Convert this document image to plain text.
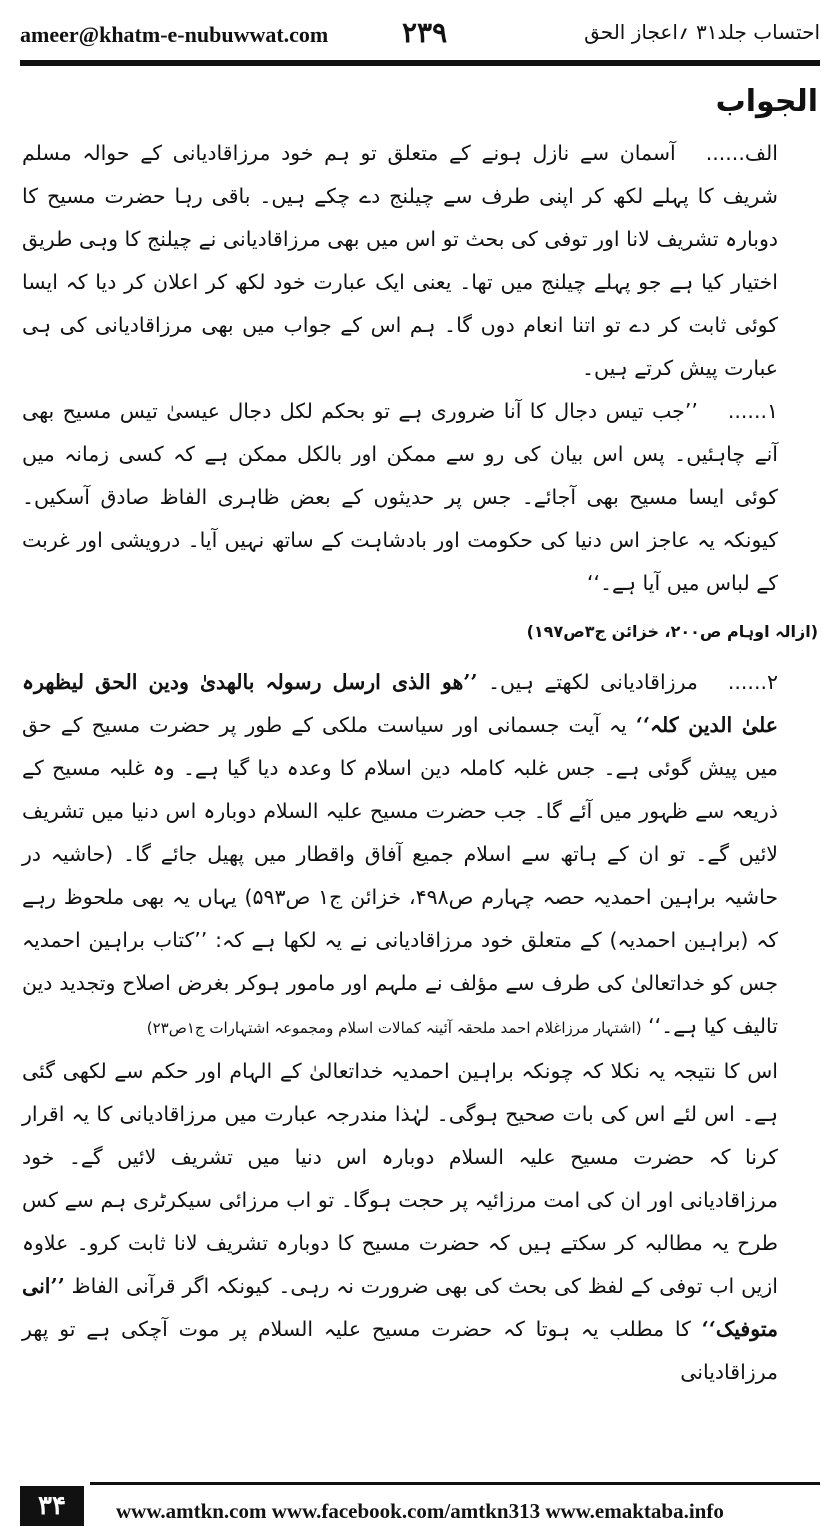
ameer@khatm-e-nubuwwat.com	۲۳۹	احتساب جلد۳۱ ؍اعجاز الحق
الجواب

الف......آسمان سے نازل ہونے کے متعلق تو ہم خود مرزاقادیانی کے حوالہ مسلم شریف کا پہلے لکھ کر اپنی طرف سے چیلنج دے چکے ہیں۔ باقی رہا حضرت مسیح کا دوبارہ تشریف لانا اور توفی کی بحث تو اس میں بھی مرزاقادیانی نے چیلنج کا وہی طریق اختیار کیا ہے جو پہلے چیلنج میں تھا۔ یعنی ایک عبارت خود لکھ کر اعلان کر دیا کہ ایسا کوئی ثابت کر دے تو اتنا انعام دوں گا۔ ہم اس کے جواب میں بھی مرزاقادیانی کی ہی عبارت پیش کرتے ہیں۔

۱......’’جب تیس دجال کا آنا ضروری ہے تو بحکم لکل دجال عیسیٰ تیس مسیح بھی آنے چاہئیں۔ پس اس بیان کی رو سے ممکن اور بالکل ممکن ہے کہ کسی زمانہ میں کوئی ایسا مسیح بھی آجائے۔ جس پر حدیثوں کے بعض ظاہری الفاظ صادق آسکیں۔ کیونکہ یہ عاجز اس دنیا کی حکومت اور بادشاہت کے ساتھ نہیں آیا۔ درویشی اور غربت کے لباس میں آیا ہے۔‘‘

(ازالہ اوہام ص۲۰۰، خزائن ج۳ص۱۹۷)

۲......مرزاقادیانی لکھتے ہیں۔ ’’ھو الذی ارسل رسولہ بالھدیٰ ودین الحق لیظھرہ علیٰ الدین کلہ‘‘ یہ آیت جسمانی اور سیاست ملکی کے طور پر حضرت مسیح کے حق میں پیش گوئی ہے۔ جس غلبہ کاملہ دین اسلام کا وعدہ دیا گیا ہے۔ وہ غلبہ مسیح کے ذریعہ سے ظہور میں آئے گا۔ جب حضرت مسیح علیہ السلام دوبارہ اس دنیا میں تشریف لائیں گے۔ تو ان کے ہاتھ سے اسلام جمیع آفاق واقطار میں پھیل جائے گا۔ (حاشیہ در حاشیہ براہین احمدیہ حصہ چہارم ص۴۹۸، خزائن ج۱ ص۵۹۳) یہاں یہ بھی ملحوظ رہے کہ (براہین احمدیہ) کے متعلق خود مرزاقادیانی نے یہ لکھا ہے کہ: ’’کتاب براہین احمدیہ جس کو خداتعالیٰ کی طرف سے مؤلف نے ملہم اور مامور ہوکر بغرض اصلاح وتجدید دین تالیف کیا ہے۔‘‘ (اشتہار مرزاغلام احمد ملحقہ آئینہ کمالات اسلام ومجموعہ اشتہارات ج۱ص۲۳)

اس کا نتیجہ یہ نکلا کہ چونکہ براہین احمدیہ خداتعالیٰ کے الہام اور حکم سے لکھی گئی ہے۔ اس لئے اس کی بات صحیح ہوگی۔ لہٰذا مندرجہ عبارت میں مرزاقادیانی کا یہ اقرار کرنا کہ حضرت مسیح علیہ السلام دوبارہ اس دنیا میں تشریف لائیں گے۔ خود مرزاقادیانی اور ان کی امت مرزائیہ پر حجت ہوگا۔ تو اب مرزائی سیکرٹری ہم سے کس طرح یہ مطالبہ کر سکتے ہیں کہ حضرت مسیح کا دوبارہ تشریف لانا ثابت کرو۔ علاوہ ازیں اب توفی کے لفظ کی بحث کی بھی ضرورت نہ رہی۔ کیونکہ اگر قرآنی الفاظ ’’انی متوفیک‘‘ کا مطلب یہ ہوتا کہ حضرت مسیح علیہ السلام پر موت آچکی ہے تو پھر مرزاقادیانی

۳۴	www.amtkn.com www.facebook.com/amtkn313 www.emaktaba.info
